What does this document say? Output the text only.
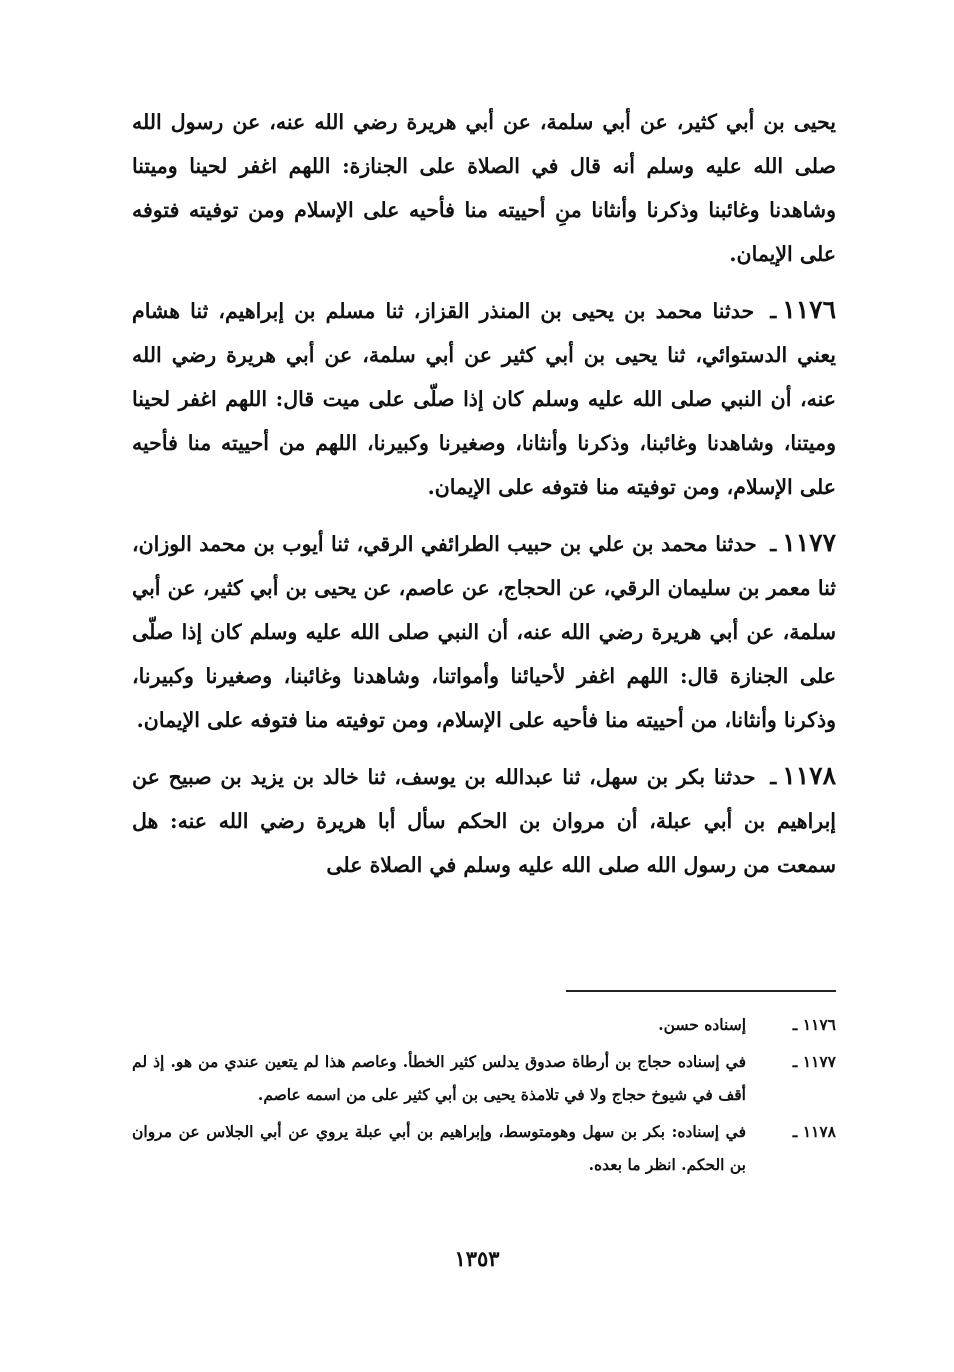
يحيى بن أبي كثير، عن أبي سلمة، عن أبي هريرة رضي الله عنه، عن رسول الله صلى الله عليه وسلم أنه قال في الصلاة على الجنازة: اللهم اغفر لحينا وميتنا وشاهدنا وغائبنا وذكرنا وأنثانا منِ أحييته منا فأحيه على الإسلام ومن توفيته فتوفه على الإيمان.

١١٧٦ـ حدثنا محمد بن يحيى بن المنذر القزاز، ثنا مسلم بن إبراهيم، ثنا هشام يعني الدستوائي، ثنا يحيى بن أبي كثير عن أبي سلمة، عن أبي هريرة رضي الله عنه، أن النبي صلى الله عليه وسلم كان إذا صلّى على ميت قال: اللهم اغفر لحينا وميتنا، وشاهدنا وغائبنا، وذكرنا وأنثانا، وصغيرنا وكبيرنا، اللهم من أحييته منا فأحيه على الإسلام، ومن توفيته منا فتوفه على الإيمان.

١١٧٧ـ حدثنا محمد بن علي بن حبيب الطرائفي الرقي، ثنا أيوب بن محمد الوزان، ثنا معمر بن سليمان الرقي، عن الحجاج، عن عاصم، عن يحيى بن أبي كثير، عن أبي سلمة، عن أبي هريرة رضي الله عنه، أن النبي صلى الله عليه وسلم كان إذا صلّى على الجنازة قال: اللهم اغفر لأحيائنا وأمواتنا، وشاهدنا وغائبنا، وصغيرنا وكبيرنا، وذكرنا وأنثانا، من أحييته منا فأحيه على الإسلام، ومن توفيته منا فتوفه على الإيمان.

١١٧٨ـ حدثنا بكر بن سهل، ثنا عبدالله بن يوسف، ثنا خالد بن يزيد بن صبيح عن إبراهيم بن أبي عبلة، أن مروان بن الحكم سأل أبا هريرة رضي الله عنه: هل سمعت من رسول الله صلى الله عليه وسلم في الصلاة على

١١٧٦ ـ
إسناده حسن.
١١٧٧ ـ
في إسناده حجاج بن أرطاة صدوق يدلس كثير الخطأ. وعاصم هذا لم يتعين عندي من هو. إذ لم أقف في شيوخ حجاج ولا في تلامذة يحيى بن أبي كثير على من اسمه عاصم.
١١٧٨ ـ
في إسناده: بكر بن سهل وهومتوسط، وإبراهيم بن أبي عبلة يروي عن أبي الجلاس عن مروان بن الحكم. انظر ما بعده.
١٣٥٣
